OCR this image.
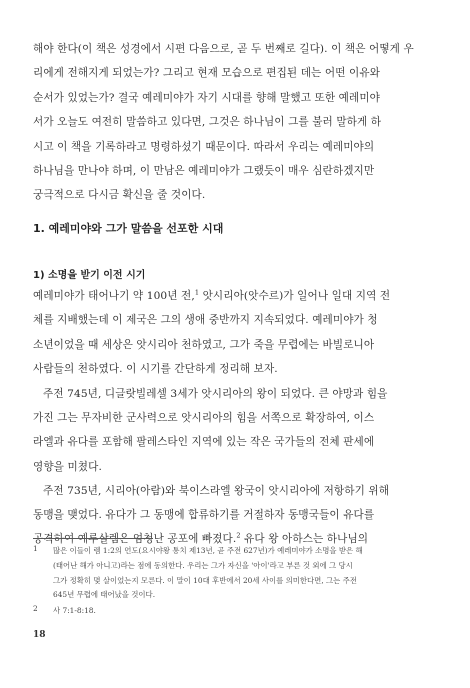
해야 한다(이 책은 성경에서 시편 다음으로, 곧 두 번째로 길다). 이 책은 어떻게 우
리에게 전해지게 되었는가? 그리고 현재 모습으로 편집된 데는 어떤 이유와
순서가 있었는가? 결국 예레미야가 자기 시대를 향해 말했고 또한 예레미야
서가 오늘도 여전히 말씀하고 있다면, 그것은 하나님이 그를 불러 말하게 하
시고 이 책을 기록하라고 명령하셨기 때문이다. 따라서 우리는 예레미야의
하나님을 만나야 하며, 이 만남은 예레미야가 그랬듯이 매우 심란하겠지만
궁극적으로 다시금 확신을 줄 것이다.
1. 예레미야와 그가 말씀을 선포한 시대
1) 소명을 받기 이전 시기
예레미야가 태어나기 약 100년 전,$^1$ 앗시리아(앗수르)가 일어나 일대 지역 전
체를 지배했는데 이 제국은 그의 생애 중반까지 지속되었다. 예레미야가 청
소년이었을 때 세상은 앗시리아 천하였고, 그가 죽을 무렵에는 바빌로니아
사람들의 천하였다. 이 시기를 간단하게 정리해 보자.
주전 745년, 디글랏빌레셀 3세가 앗시리아의 왕이 되었다. 큰 야망과 힘을
가진 그는 무자비한 군사력으로 앗시리아의 힘을 서쪽으로 확장하여, 이스
라엘과 유다를 포함해 팔레스타인 지역에 있는 작은 국가들의 전체 판세에
영향을 미쳤다.
주전 735년, 시리아(아람)와 북이스라엘 왕국이 앗시리아에 저항하기 위해
동맹을 맺었다. 유다가 그 동맹에 합류하기를 거절하자 동맹국들이 유다를
공격하여 예루살렘은 엄청난 공포에 빠졌다.$^2$ 유다 왕 아하스는 하나님의
1 많은 이들이 렘 1:2의 언도(요시야왕 통치 제13년, 곧 주전 627년)가 예레미야가 소명을 받은 해
(태어난 해가 아니고)라는 점에 동의한다. 우리는 그가 자신을 '아이'라고 부른 것 외에 그 당시
그가 정확히 몇 살이었는지 모른다. 이 말이 10대 후반에서 20세 사이를 의미한다면, 그는 주전
645년 무렵에 태어났을 것이다.
2 사 7:1-8:18.
18
